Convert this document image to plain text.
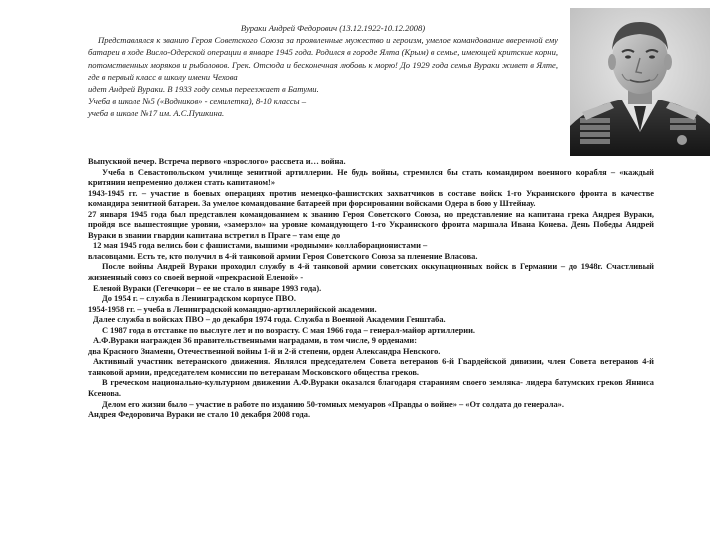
Вураки Андрей Федорович (13.12.1922-10.12.2008)

Представлялся к званию Героя Советского Союза за проявленные мужество и героизм, умелое командование вверенной ему батареи в ходе Висло-Одерской операции в январе 1945 года. Родился в городе Ялта (Крым) в семье, имеющей критские корни, потомственных моряков и рыболовов. Грек. Отсюда и бесконечная любовь к морю! До 1929 года семья Вураки живет в Ялте, где в первый класс в школу имени Чехова

идет Андрей Вураки. В 1933 году семья переезжает в Батуми.

Учеба в школе №5 («Водников» - семилетка), 8-10 классы –

учеба в школе №17 им. А.С.Пушкина.

Выпускной вечер. Встреча первого «взрослого» рассвета и… война.

Учеба в Севастопольском училище зенитной артиллерии. Не будь войны, стремился бы стать командиром военного корабля – «каждый критянин непременно должен стать капитаном!»

1943-1945 гг. – участие в боевых операциях против немецко-фашистских захватчиков в составе войск 1-го Украинского фронта в качестве командира зенитной батареи. За умелое командование батареей при форсировании войсками Одера в бою у Штейнау.

27 января 1945 года был представлен командованием к званию Героя Советского Союза, но представление на капитана грека Андрея Вураки, пройдя все вышестоящие уровни, «замерзло» на уровне командующего 1-го Украинского фронта маршала Ивана Конева. День Победы Андрей Вураки в звании гвардии капитана встретил в Праге – там еще до

12 мая 1945 года велись бои с фашистами, вышими «родными» коллаборационистами –

власовцами. Есть те, кто получил в 4-й танковой армии Героя Советского Союза за пленение Власова.

После войны Андрей Вураки проходил службу в 4-й танковой армии советских оккупационных войск в Германии – до 1948г. Счастливый жизненный союз со своей верной «прекрасной Еленой» -

Еленой Вураки (Гегечкори – ее не стало в январе 1993 года).

До 1954 г. – служба в Ленинградском корпусе ПВО.

1954-1958 гг. – учеба в Ленинградской командно-артиллерийской академии.

Далее служба в войсках ПВО – до декабря 1974 года. Служба в Военной Академии Генштаба.

С 1987 года в отставке по выслуге лет и по возрасту. С мая 1966 года – генерал-майор артиллерии.

А.Ф.Вураки награжден 36 правительственными наградами, в том числе, 9 орденами:

два Красного Знамени, Отечественной войны 1-й и 2-й степени, орден Александра Невского.

Активный участник ветеранского движения. Являлся председателем Совета ветеранов 6-й Гвардейской дивизии, член Совета ветеранов 4-й танковой армии, председателем комиссии по ветеранам Московского общества греков.

В греческом национально-культурном движении А.Ф.Вураки оказался благодаря стараниям своего земляка- лидера батумских греков Янниса Ксенова.

Делом его жизни было – участие в работе по изданию 50-томных мемуаров «Правды о войне» – «От солдата до генерала».

Андрея Федоровича Вураки не стало 10 декабря 2008 года.
